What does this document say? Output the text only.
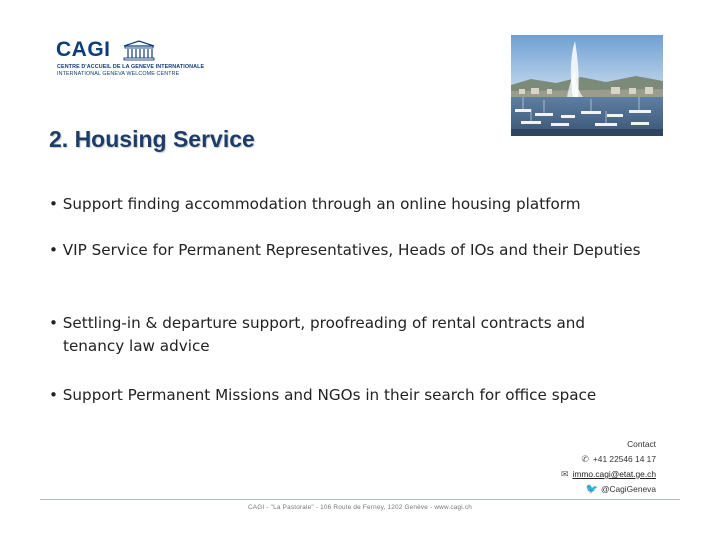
CAGI
CENTRE D'ACCUEIL DE LA GENEVE INTERNATIONALE
INTERNATIONAL GENEVA WELCOME CENTRE
2. Housing Service
• Support finding accommodation through an online housing platform
• VIP Service for Permanent Representatives, Heads of IOs and their Deputies
• Settling-in & departure support, proofreading of rental contracts and tenancy law advice
• Support Permanent Missions and NGOs in their search for office space
Contact
✆ +41 22546 14 17
✉ immo.cagi@etat.ge.ch
🐦 @CagiGeneva
CAGI - "La Pastorale" - 106 Route de Ferney, 1202 Genève - www.cagi.ch
